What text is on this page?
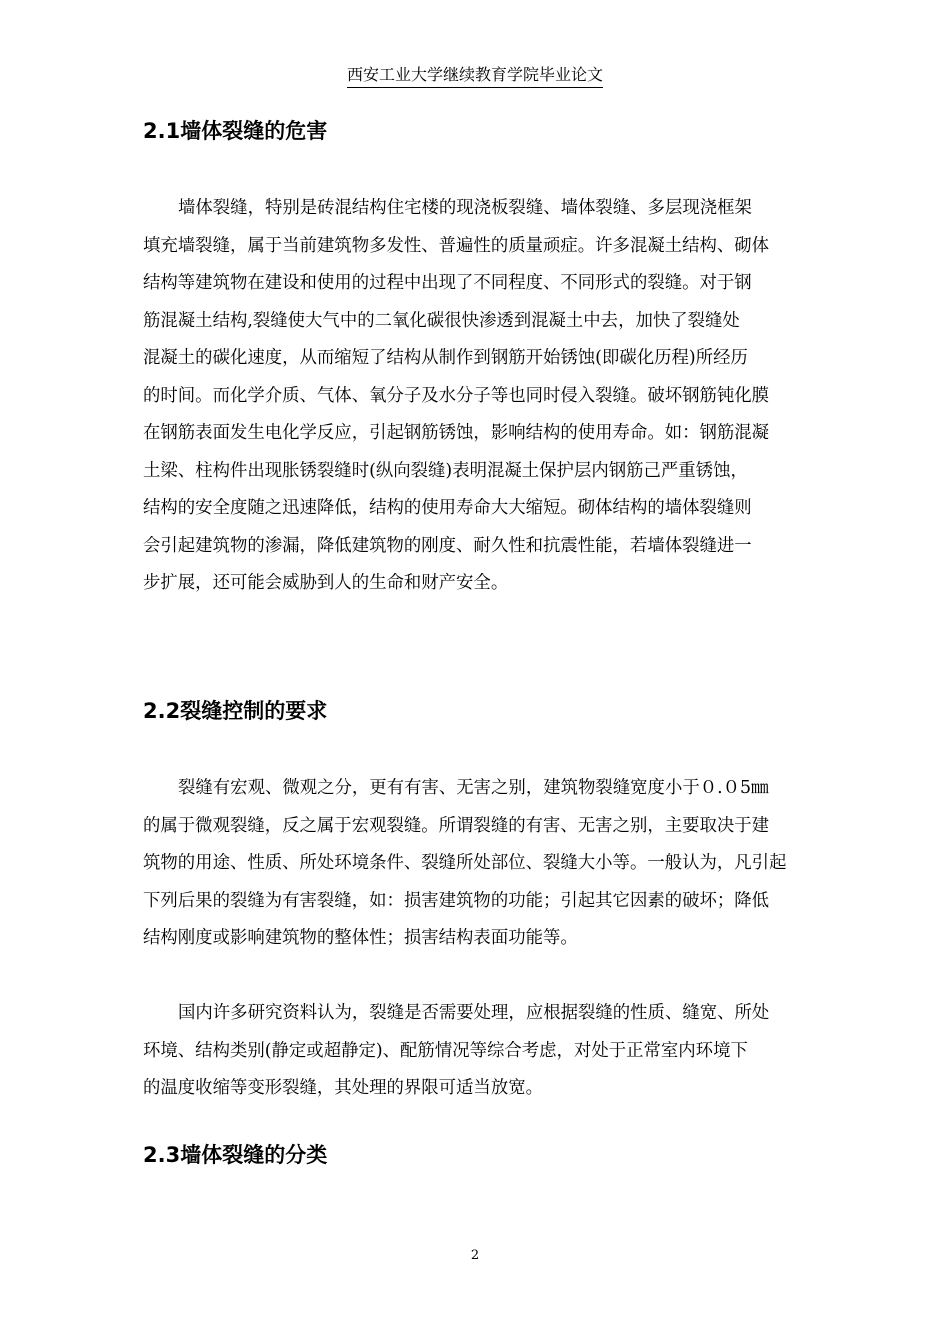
西安工业大学继续教育学院毕业论文
2.1墙体裂缝的危害
墙体裂缝，特别是砖混结构住宅楼的现浇板裂缝、墙体裂缝、多层现浇框架
填充墙裂缝，属于当前建筑物多发性、普遍性的质量顽症。许多混凝土结构、砌体
结构等建筑物在建设和使用的过程中出现了不同程度、不同形式的裂缝。对于钢
筋混凝土结构,裂缝使大气中的二氧化碳很快渗透到混凝土中去，加快了裂缝处
混凝土的碳化速度，从而缩短了结构从制作到钢筋开始锈蚀(即碳化历程)所经历
的时间。而化学介质、气体、氧分子及水分子等也同时侵入裂缝。破坏钢筋钝化膜
在钢筋表面发生电化学反应，引起钢筋锈蚀，影响结构的使用寿命。如：钢筋混凝
土梁、柱构件出现胀锈裂缝时(纵向裂缝)表明混凝土保护层内钢筋己严重锈蚀，
结构的安全度随之迅速降低，结构的使用寿命大大缩短。砌体结构的墙体裂缝则
会引起建筑物的渗漏，降低建筑物的刚度、耐久性和抗震性能，若墙体裂缝进一
步扩展，还可能会威胁到人的生命和财产安全。
2.2裂缝控制的要求
裂缝有宏观、微观之分，更有有害、无害之别，建筑物裂缝宽度小于０.０5㎜
的属于微观裂缝，反之属于宏观裂缝。所谓裂缝的有害、无害之别，主要取决于建
筑物的用途、性质、所处环境条件、裂缝所处部位、裂缝大小等。一般认为，凡引起
下列后果的裂缝为有害裂缝，如：损害建筑物的功能；引起其它因素的破坏；降低
结构刚度或影响建筑物的整体性；损害结构表面功能等。
国内许多研究资料认为，裂缝是否需要处理，应根据裂缝的性质、缝宽、所处
环境、结构类别(静定或超静定)、配筋情况等综合考虑，对处于正常室内环境下
的温度收缩等变形裂缝，其处理的界限可适当放宽。
2.3墙体裂缝的分类
2
